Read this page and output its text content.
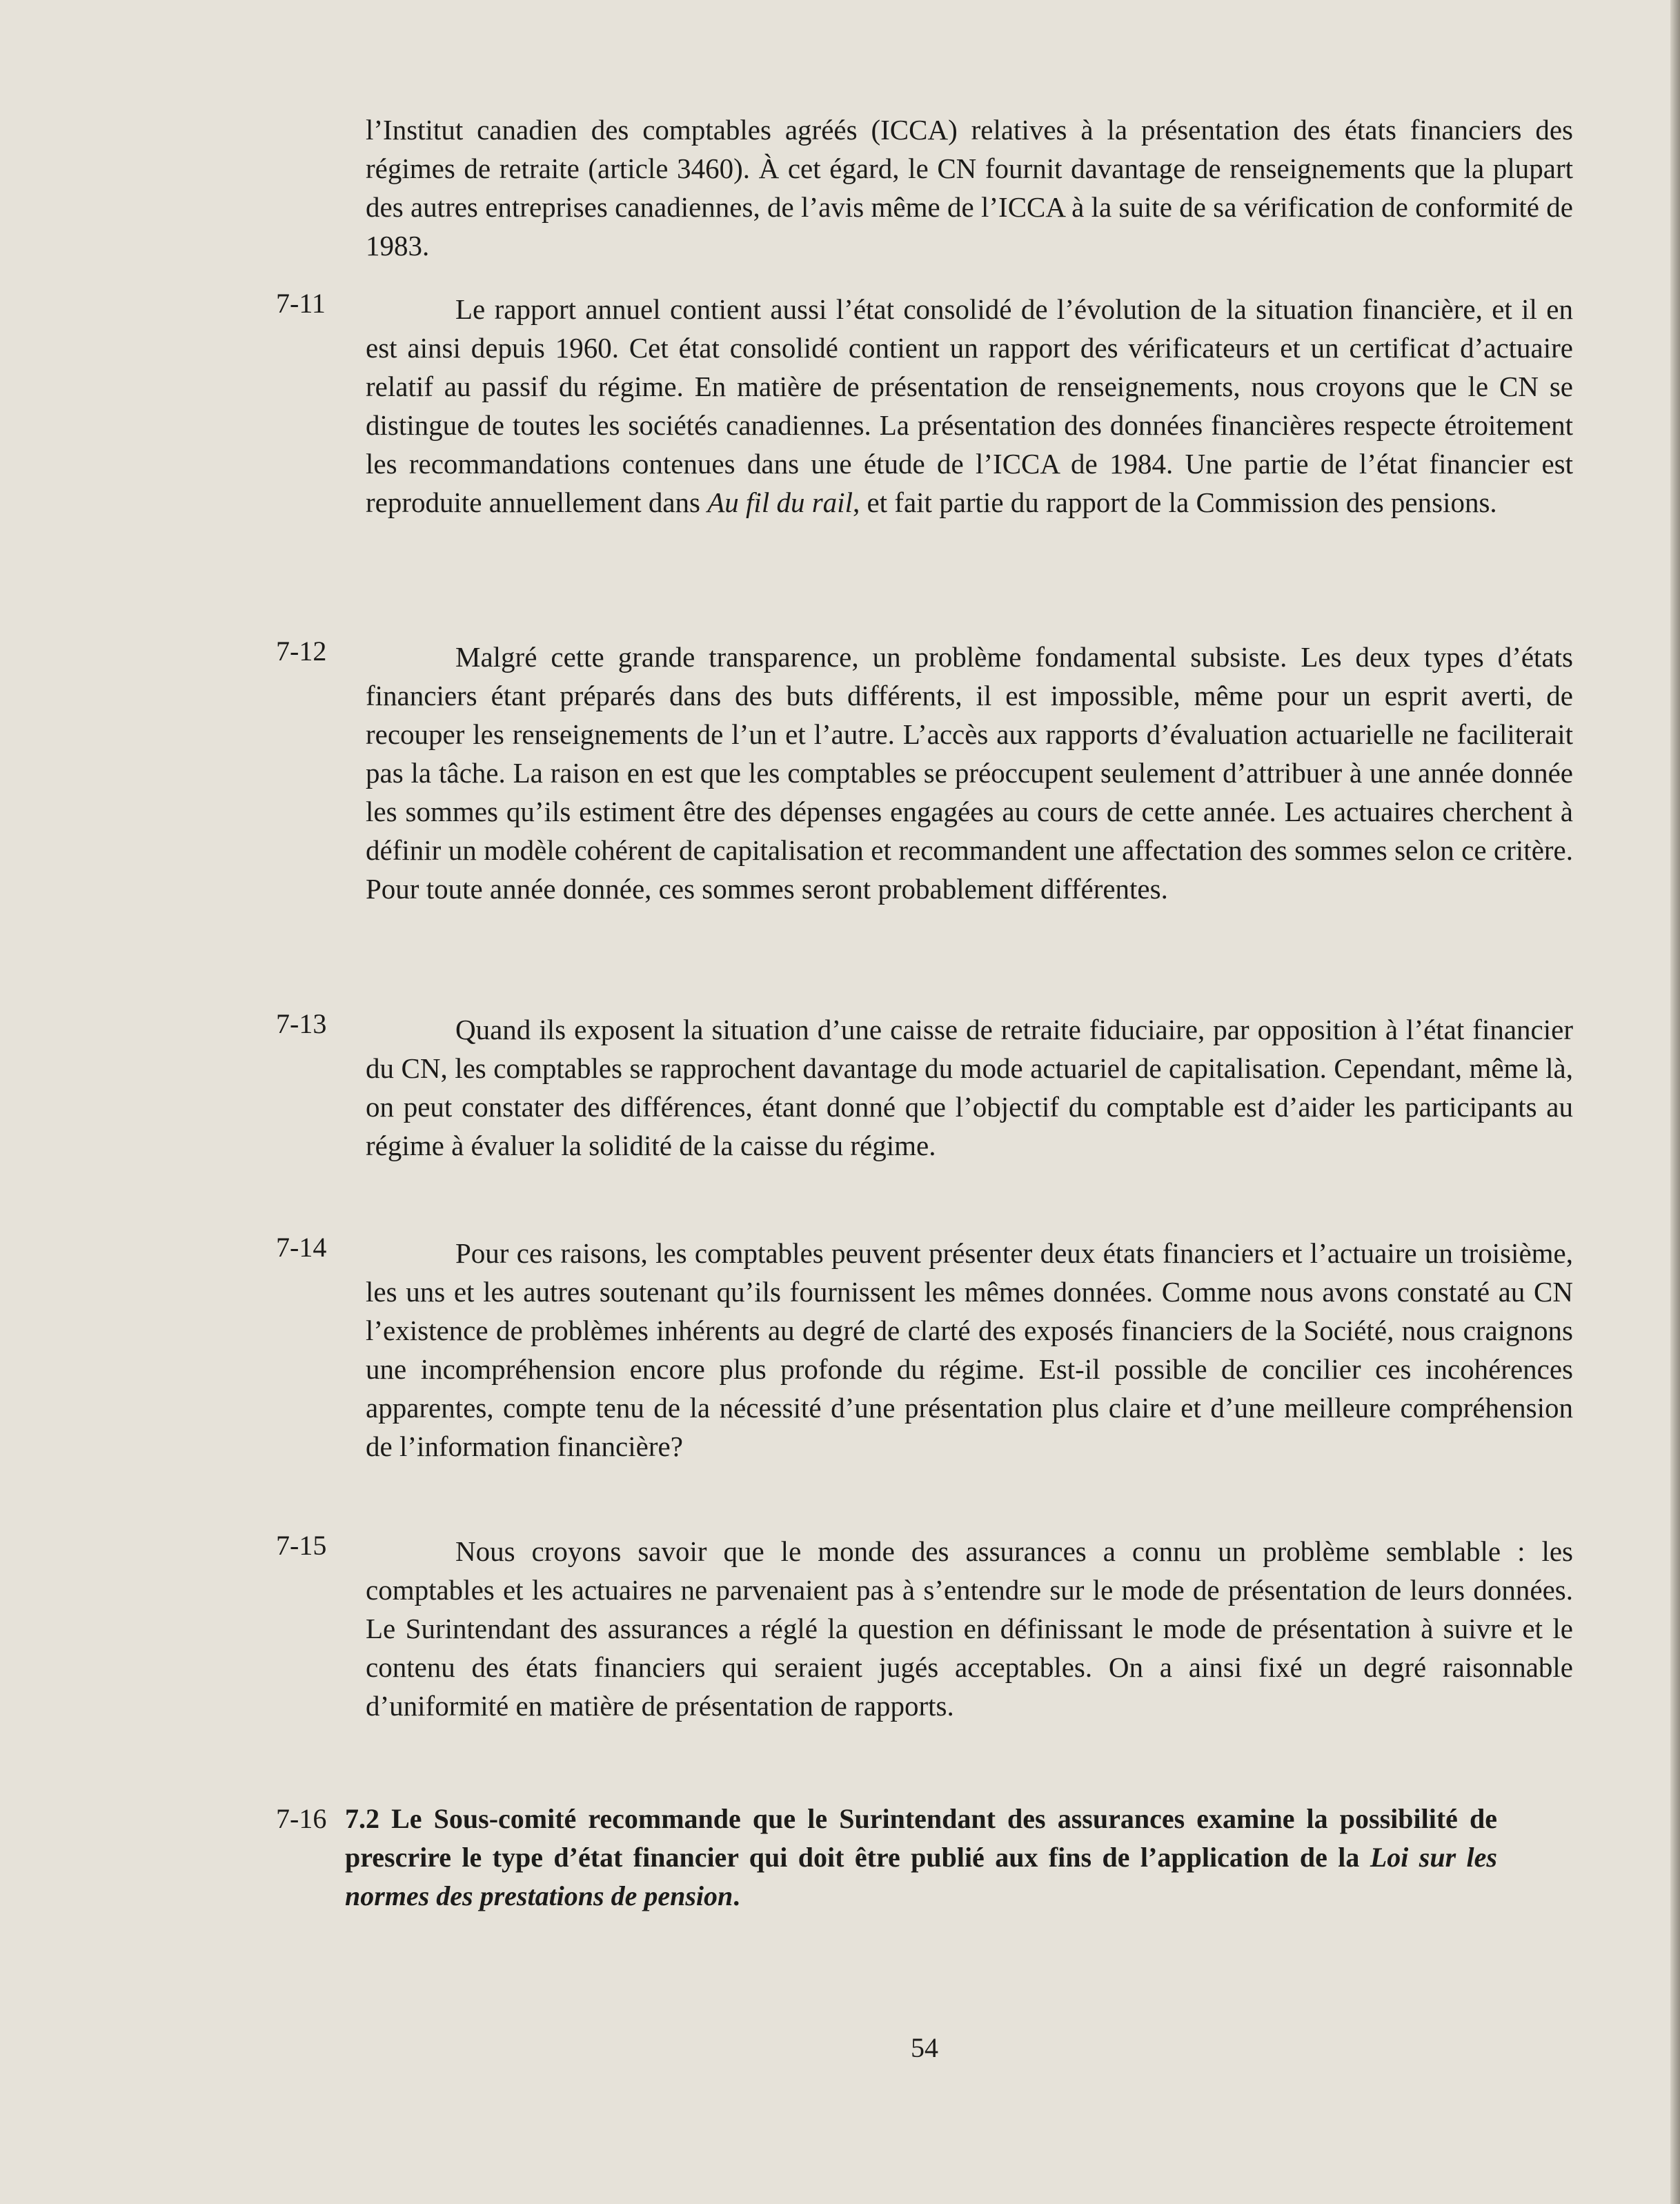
l’Institut canadien des comptables agréés (ICCA) relatives à la présentation des états financiers des régimes de retraite (article 3460). À cet égard, le CN fournit davantage de renseignements que la plupart des autres entreprises canadiennes, de l’avis même de l’ICCA à la suite de sa vérification de conformité de 1983.

7-11	Le rapport annuel contient aussi l’état consolidé de l’évolution de la situation financière, et il en est ainsi depuis 1960. Cet état consolidé contient un rapport des vérificateurs et un certificat d’actuaire relatif au passif du régime. En matière de présentation de renseignements, nous croyons que le CN se distingue de toutes les sociétés canadiennes. La présentation des données financières respecte étroitement les recommandations contenues dans une étude de l’ICCA de 1984. Une partie de l’état financier est reproduite annuellement dans Au fil du rail, et fait partie du rapport de la Commission des pensions.

7-12	Malgré cette grande transparence, un problème fondamental subsiste. Les deux types d’états financiers étant préparés dans des buts différents, il est impossible, même pour un esprit averti, de recouper les renseignements de l’un et l’autre. L’accès aux rapports d’évaluation actuarielle ne faciliterait pas la tâche. La raison en est que les comptables se préoccupent seulement d’attribuer à une année donnée les sommes qu’ils estiment être des dépenses engagées au cours de cette année. Les actuaires cherchent à définir un modèle cohérent de capitalisation et recommandent une affectation des sommes selon ce critère. Pour toute année donnée, ces sommes seront probablement différentes.

7-13	Quand ils exposent la situation d’une caisse de retraite fiduciaire, par opposition à l’état financier du CN, les comptables se rapprochent davantage du mode actuariel de capitalisation. Cependant, même là, on peut constater des différences, étant donné que l’objectif du comptable est d’aider les participants au régime à évaluer la solidité de la caisse du régime.

7-14	Pour ces raisons, les comptables peuvent présenter deux états financiers et l’actuaire un troisième, les uns et les autres soutenant qu’ils fournissent les mêmes données. Comme nous avons constaté au CN l’existence de problèmes inhérents au degré de clarté des exposés financiers de la Société, nous craignons une incompréhension encore plus profonde du régime. Est-il possible de concilier ces incohérences apparentes, compte tenu de la nécessité d’une présentation plus claire et d’une meilleure compréhension de l’information financière?

7-15	Nous croyons savoir que le monde des assurances a connu un problème semblable : les comptables et les actuaires ne parvenaient pas à s’entendre sur le mode de présentation de leurs données. Le Surintendant des assurances a réglé la question en définissant le mode de présentation à suivre et le contenu des états financiers qui seraient jugés acceptables. On a ainsi fixé un degré raisonnable d’uniformité en matière de présentation de rapports.

7-16 7.2 Le Sous-comité recommande que le Surintendant des assurances examine la possibilité de prescrire le type d’état financier qui doit être publié aux fins de l’application de la Loi sur les normes des prestations de pension.

54
